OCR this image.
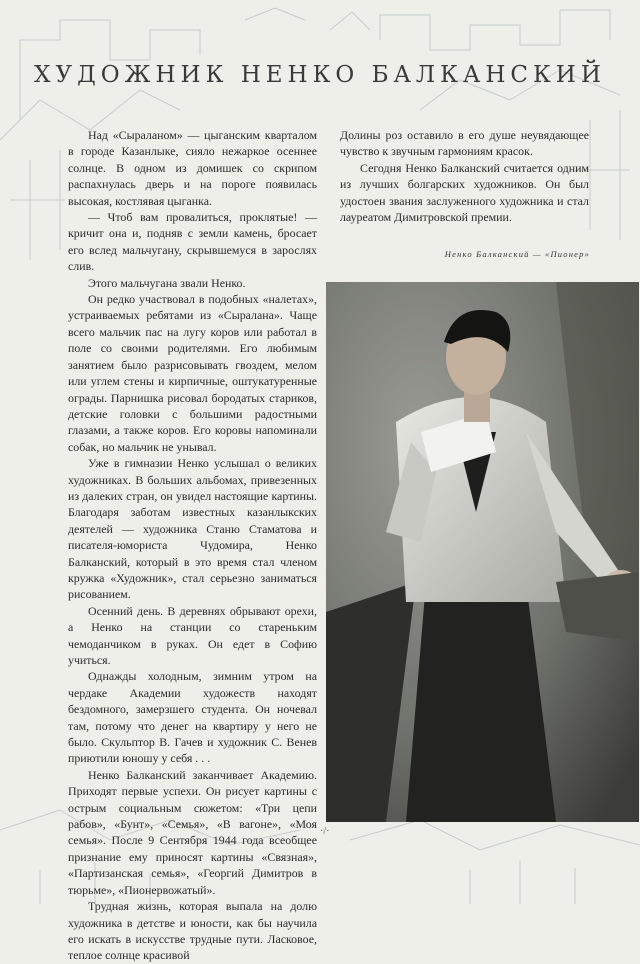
ХУДОЖНИК НЕНКО БАЛКАНСКИЙ

Над «Сыраланом» — цыганским кварталом в городе Казанлыке, сияло нежаркое осеннее солнце. В одном из домишек со скрипом распахнулась дверь и на пороге появилась высокая, костлявая цыганка.

— Чтоб вам провалиться, проклятые! — кричит она и, подняв с земли камень, бросает его вслед мальчугану, скрывшемуся в зарослях слив.

Этого мальчугана звали Ненко.

Он редко участвовал в подобных «налетах», устраиваемых ребятами из «Сыралана». Чаще всего мальчик пас на лугу коров или работал в поле со своими родителями. Его любимым занятием было разрисовывать гвоздем, мелом или углем стены и кирпичные, оштукатуренные ограды. Парнишка рисовал бородатых стариков, детские головки с большими радостными глазами, а также коров. Его коровы напоминали собак, но мальчик не унывал.

Уже в гимназии Ненко услышал о великих художниках. В больших альбомах, привезенных из далеких стран, он увидел настоящие картины. Благодаря заботам известных казанлыкских деятелей — художника Станю Стаматова и писателя-юмориста Чудомира, Ненко Балканский, который в это время стал членом кружка «Художник», стал серьезно заниматься рисованием.

Осенний день. В деревнях обрывают орехи, а Ненко на станции со стареньким чемоданчиком в руках. Он едет в Софию учиться.

Однажды холодным, зимним утром на чердаке Академии художеств находят бездомного, замерзшего студента. Он ночевал там, потому что денег на квартиру у него не было. Скульптор В. Гачев и художник С. Венев приютили юношу у себя . . .

Ненко Балканский заканчивает Академию. Приходят первые успехи. Он рисует картины с острым социальным сюжетом: «Три цепи рабов», «Бунт», «Семья», «В вагоне», «Моя семья». После 9 Сентября 1944 года всеобщее признание ему приносят картины «Связная», «Партизанская семья», «Георгий Димитров в тюрьме», «Пионервожатый».

Трудная жизнь, которая выпала на долю художника в детстве и юности, как бы научила его искать в искусстве трудные пути. Ласковое, теплое солнце красивой

Долины роз оставило в его душе неувядающее чувство к звучным гармониям красок.

Сегодня Ненко Балканский считается одним из лучших болгарских художников. Он был удостоен звания заслуженного художника и стал лауреатом Димитровской премии.

Ненко Балканский — «Пионер»
·/·
